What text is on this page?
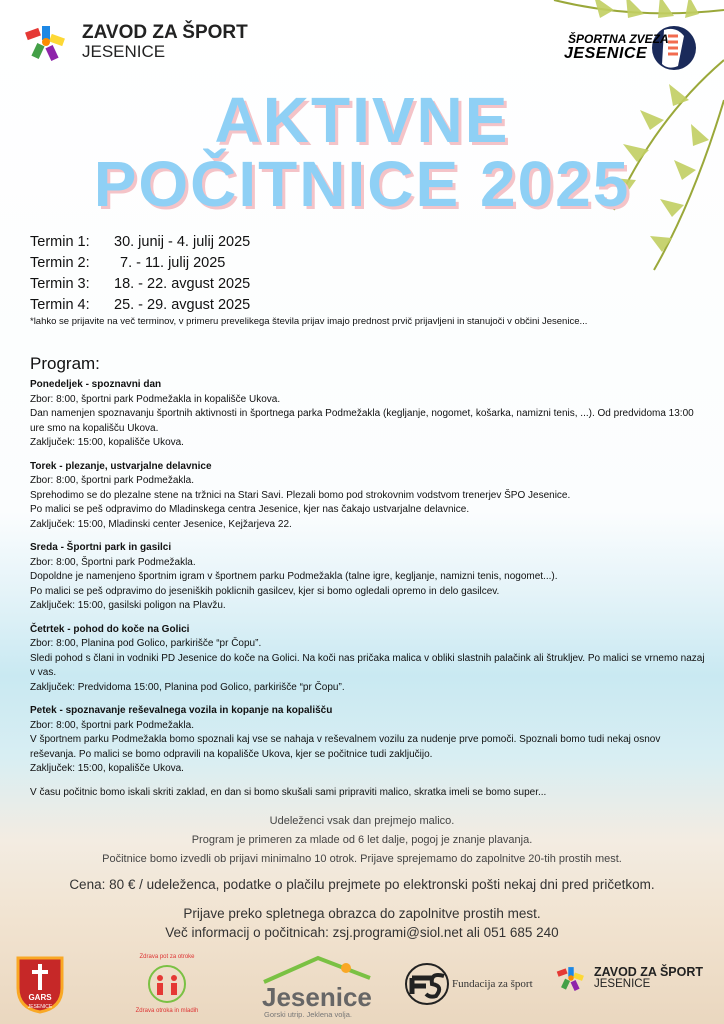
ZAVOD ZA ŠPORT
JESENICE
ŠPORTNA ZVEZA
JESENICE
AKTIVNE
POČITNICE 2025
Termin 1:	30. junij - 4. julij 2025
Termin 2:	7. - 11. julij 2025
Termin 3:	18. - 22. avgust 2025
Termin 4:	25. - 29. avgust 2025
*lahko se prijavite na več terminov, v primeru prevelikega števila prijav imajo prednost prvič prijavljeni in stanujoči v občini Jesenice...
Program:
Ponedeljek - spoznavni dan
Zbor: 8:00, športni park Podmežakla in kopališče Ukova.
Dan namenjen spoznavanju športnih aktivnosti in športnega parka Podmežakla (kegljanje, nogomet, košarka, namizni tenis, ...). Od predvidoma 13:00 ure smo na kopališču Ukova.
Zaključek: 15:00, kopališče Ukova.
Torek - plezanje, ustvarjalne delavnice
Zbor: 8:00, športni park Podmežakla.
Sprehodimo se do plezalne stene na tržnici na Stari Savi. Plezali bomo pod strokovnim vodstvom trenerjev ŠPO Jesenice.
Po malici se peš odpravimo do Mladinskega centra Jesenice, kjer nas čakajo ustvarjalne delavnice.
Zaključek: 15:00, Mladinski center Jesenice, Kejžarjeva 22.
Sreda - Športni park in gasilci
Zbor: 8:00, Športni park Podmežakla.
Dopoldne je namenjeno športnim igram v športnem parku Podmežakla (talne igre, kegljanje, namizni tenis, nogomet...).
Po malici se peš odpravimo do jeseniških poklicnih gasilcev, kjer si bomo ogledali opremo in delo gasilcev.
Zaključek: 15:00, gasilski poligon na Plavžu.
Četrtek - pohod do koče na Golici
Zbor: 8:00, Planina pod Golico, parkirišče “pr Čopu”.
Sledi pohod s člani in vodniki PD Jesenice do koče na Golici. Na koči nas pričaka malica v obliki slastnih palačink ali štrukljev. Po malici se vrnemo nazaj v vas.
Zaključek: Predvidoma 15:00, Planina pod Golico, parkirišče “pr Čopu”.
Petek - spoznavanje reševalnega vozila in kopanje na kopališču
Zbor: 8:00, športni park Podmežakla.
V športnem parku Podmežakla bomo spoznali kaj vse se nahaja v reševalnem vozilu za nudenje prve pomoči. Spoznali bomo tudi nekaj osnov reševanja. Po malici se bomo odpravili na kopališče Ukova, kjer se počitnice tudi zaključijo.
Zaključek: 15:00, kopališče Ukova.
V času počitnic bomo iskali skriti zaklad, en dan si bomo skušali sami pripraviti malico, skratka imeli se bomo super...
Udeleženci vsak dan prejmejo malico.
Program je primeren za mlade od 6 let dalje, pogoj je znanje plavanja.
Počitnice bomo izvedli ob prijavi minimalno 10 otrok. Prijave sprejemamo do zapolnitve 20-tih prostih mest.
Cena: 80 € / udeleženca, podatke o plačilu prejmete po elektronski pošti nekaj dni pred pričetkom.
Prijave preko spletnega obrazca do zapolnitve prostih mest.
Več informacij o počitnicah: zsj.programi@siol.net ali 051 685 240
GARS
JESENICE
Zdrava pot za otroke
Zdrava otroka in mladih Jesenice
Gorski utrip. Jeklena volja.
Fundacija za šport
ZAVOD ZA ŠPORT
JESENICE
